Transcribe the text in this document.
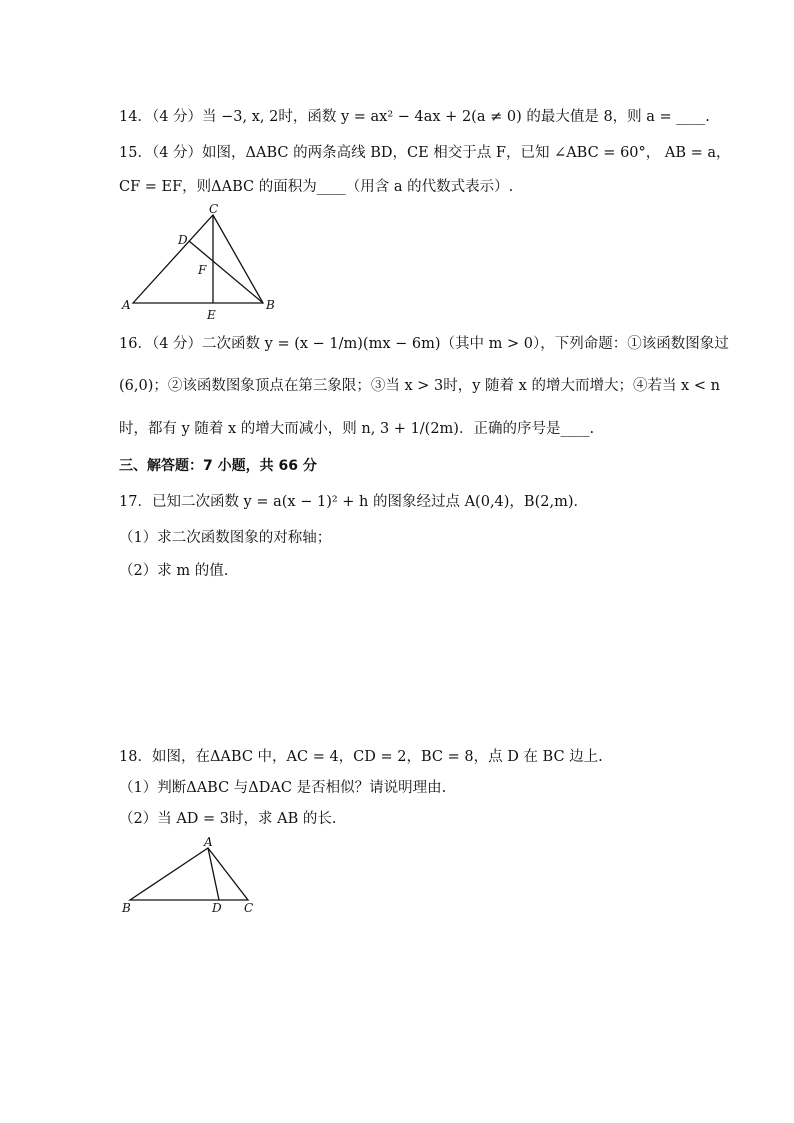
14．（4 分）当 −3, x, 2时，函数 y = ax² − 4ax + 2(a ≠ 0) 的最大值是 8，则 a = ____.
15．（4 分）如图，ΔABC 的两条高线 BD，CE 相交于点 F，已知 ∠ABC = 60°， AB = a，
CF = EF，则ΔABC 的面积为____（用含 a 的代数式表示）.
C
D
F
A
E
B
16．（4 分）二次函数 y = (x − 1/m)(mx − 6m)（其中 m > 0），下列命题：①该函数图象过
(6,0)；②该函数图象顶点在第三象限；③当 x > 3时，y 随着 x 的增大而增大；④若当 x < n
时，都有 y 随着 x 的增大而减小，则 n, 3 + 1/(2m)．正确的序号是____.
三、解答题：7 小题，共 66 分
17．已知二次函数 y = a(x − 1)² + h 的图象经过点 A(0,4)，B(2,m)．
（1）求二次函数图象的对称轴；
（2）求 m 的值.
18．如图，在ΔABC 中，AC = 4，CD = 2，BC = 8，点 D 在 BC 边上.
（1）判断ΔABC 与ΔDAC 是否相似？请说明理由.
（2）当 AD = 3时，求 AB 的长.
A
B	D C
